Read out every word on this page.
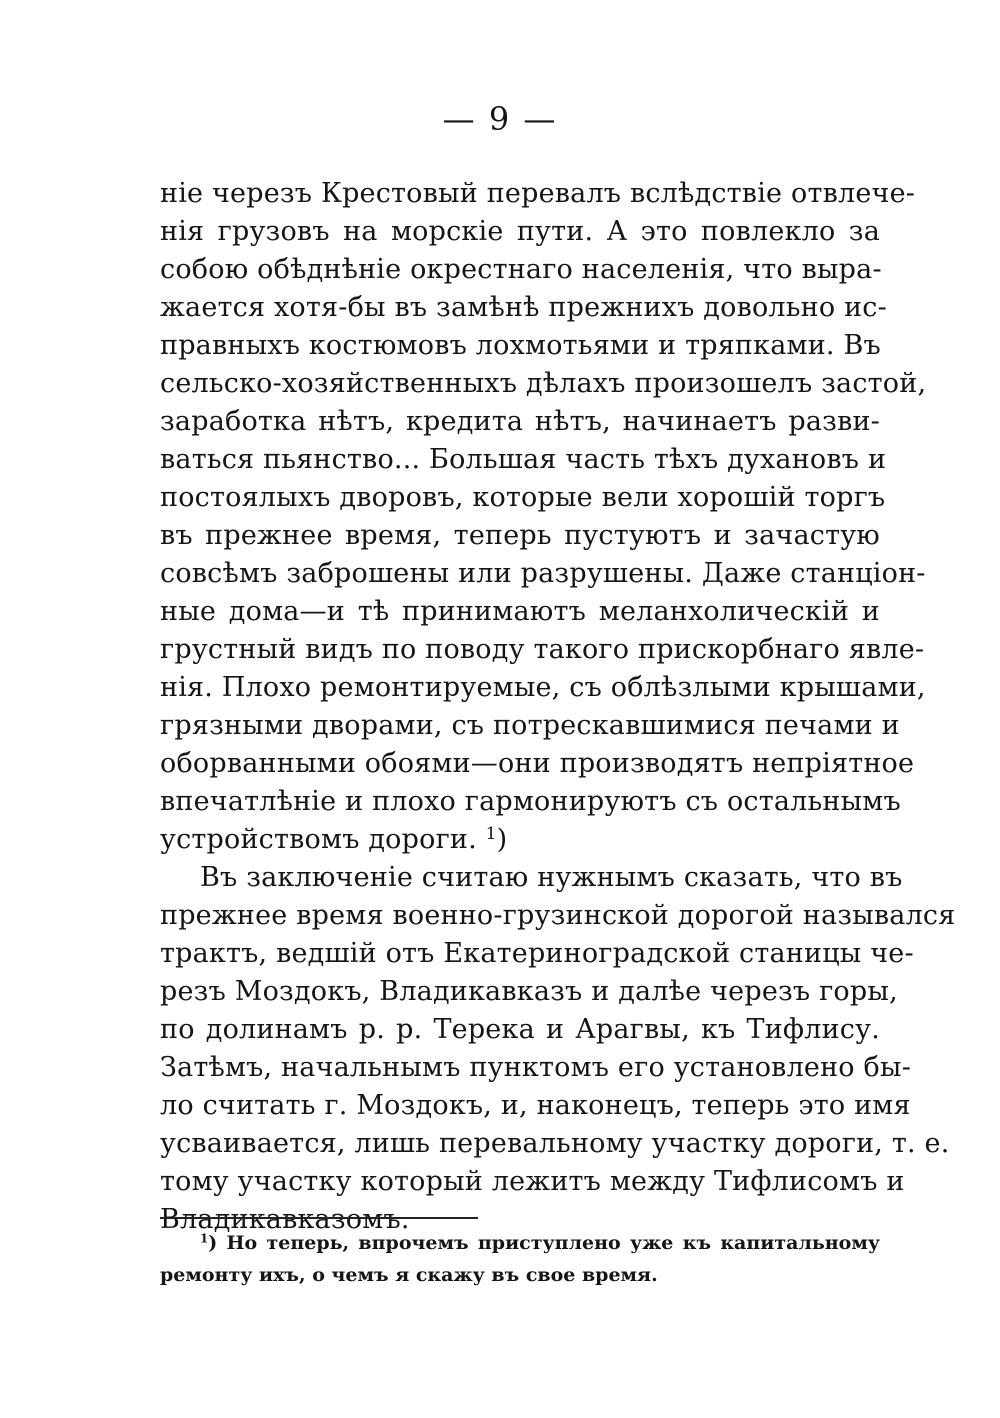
— 9 —
ніе черезъ Крестовый перевалъ вслѣдствіе отвлече-
нія грузовъ на морскіе пути. А это повлекло за
собою обѣднѣніе окрестнаго населенія, что выра-
жается хотя-бы въ замѣнѣ прежнихъ довольно ис-
правныхъ костюмовъ лохмотьями и тряпками. Въ
сельско-хозяйственныхъ дѣлахъ произошелъ застой,
заработка нѣтъ, кредита нѣтъ, начинаетъ разви-
ваться пьянство... Большая часть тѣхъ духановъ и
постоялыхъ дворовъ, которые вели хорошій торгъ
въ прежнее время, теперь пустуютъ и зачастую
совсѣмъ заброшены или разрушены. Даже станціон-
ные дома—и тѣ принимаютъ меланхолическій и
грустный видъ по поводу такого прискорбнаго явле-
нія. Плохо ремонтируемые, съ облѣзлыми крышами,
грязными дворами, съ потрескавшимися печами и
оборванными обоями—они производятъ непріятное
впечатлѣніе и плохо гармонируютъ съ остальнымъ
устройствомъ дороги. $^1$)
Въ заключеніе считаю нужнымъ сказать, что въ
прежнее время военно-грузинской дорогой назывался
трактъ, ведшій отъ Екатериноградской станицы че-
резъ Моздокъ, Владикавказъ и далѣе черезъ горы,
по долинамъ р. р. Терека и Арагвы, къ Тифлису.
Затѣмъ, начальнымъ пунктомъ его установлено бы-
ло считать г. Моздокъ, и, наконецъ, теперь это имя
усваивается, лишь перевальному участку дороги, т. е.
тому участку который лежитъ между Тифлисомъ и
Владикавказомъ.
$^1$) Но теперь, впрочемъ приступлено уже къ капитальному
ремонту ихъ, о чемъ я скажу въ свое время.
